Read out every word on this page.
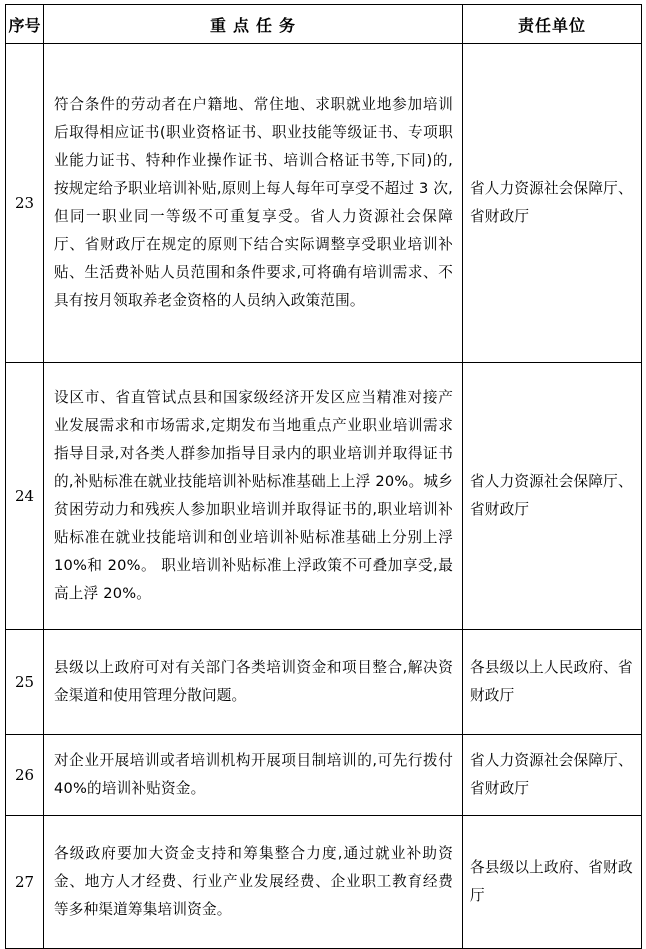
序号	重点任务	责任单位
23	符合条件的劳动者在户籍地、常住地、求职就业地参加培训后取得相应证书(职业资格证书、职业技能等级证书、专项职业能力证书、特种作业操作证书、培训合格证书等,下同)的,按规定给予职业培训补贴,原则上每人每年可享受不超过 3 次,但同一职业同一等级不可重复享受。省人力资源社会保障厅、省财政厅在规定的原则下结合实际调整享受职业培训补贴、生活费补贴人员范围和条件要求,可将确有培训需求、不具有按月领取养老金资格的人员纳入政策范围。	省人力资源社会保障厅、省财政厅

24	设区市、省直管试点县和国家级经济开发区应当精准对接产业发展需求和市场需求,定期发布当地重点产业职业培训需求指导目录,对各类人群参加指导目录内的职业培训并取得证书的,补贴标准在就业技能培训补贴标准基础上上浮 20%。城乡贫困劳动力和残疾人参加职业培训并取得证书的,职业培训补贴标准在就业技能培训和创业培训补贴标准基础上分别上浮 10%和 20%。 职业培训补贴标准上浮政策不可叠加享受,最高上浮 20%。	省人力资源社会保障厅、省财政厅

25	县级以上政府可对有关部门各类培训资金和项目整合,解决资金渠道和使用管理分散问题。	各县级以上人民政府、省财政厅

26	对企业开展培训或者培训机构开展项目制培训的,可先行拨付 40%的培训补贴资金。	省人力资源社会保障厅、省财政厅

27	各级政府要加大资金支持和筹集整合力度,通过就业补助资金、地方人才经费、行业产业发展经费、企业职工教育经费等多种渠道筹集培训资金。	各县级以上政府、省财政厅
